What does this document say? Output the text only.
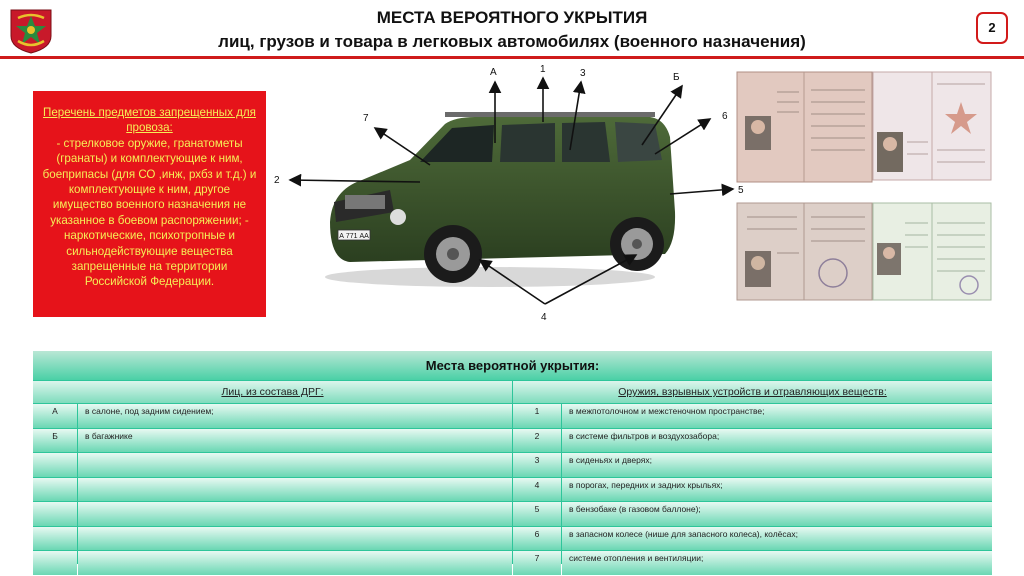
МЕСТА ВЕРОЯТНОГО УКРЫТИЯ
лиц, грузов и товара в легковых автомобилях (военного назначения)
2
Перечень предметов запрещенных для провоза:
- стрелковое оружие, гранатометы (гранаты) и комплектующие к ним, боеприпасы (для СО ,инж, рхбз и т.д.) и комплектующие к ним, другое имущество военного назначения не указанное в боевом распоряжении; - наркотические, психотропные и сильнодействующие вещества запрещенные на территории Российской Федерации.
А 771 АА
А	1	3	Б
7	6
2
5
4
Места вероятной укрытия:
Лиц, из состава ДРГ:	Оружия, взрывных устройств и отравляющих веществ:
А	в салоне, под задним сидением;
Б	в багажнике
1	в межпотолочном и межстеночном пространстве;
2	в системе фильтров и воздухозабора;
3	в сиденьях и дверях;
4	в порогах, передних и задних крыльях;
5	в бензобаке (в газовом баллоне);
6	в запасном колесе (нише для запасного колеса), колёсах;
7	системе отопления и вентиляции;
